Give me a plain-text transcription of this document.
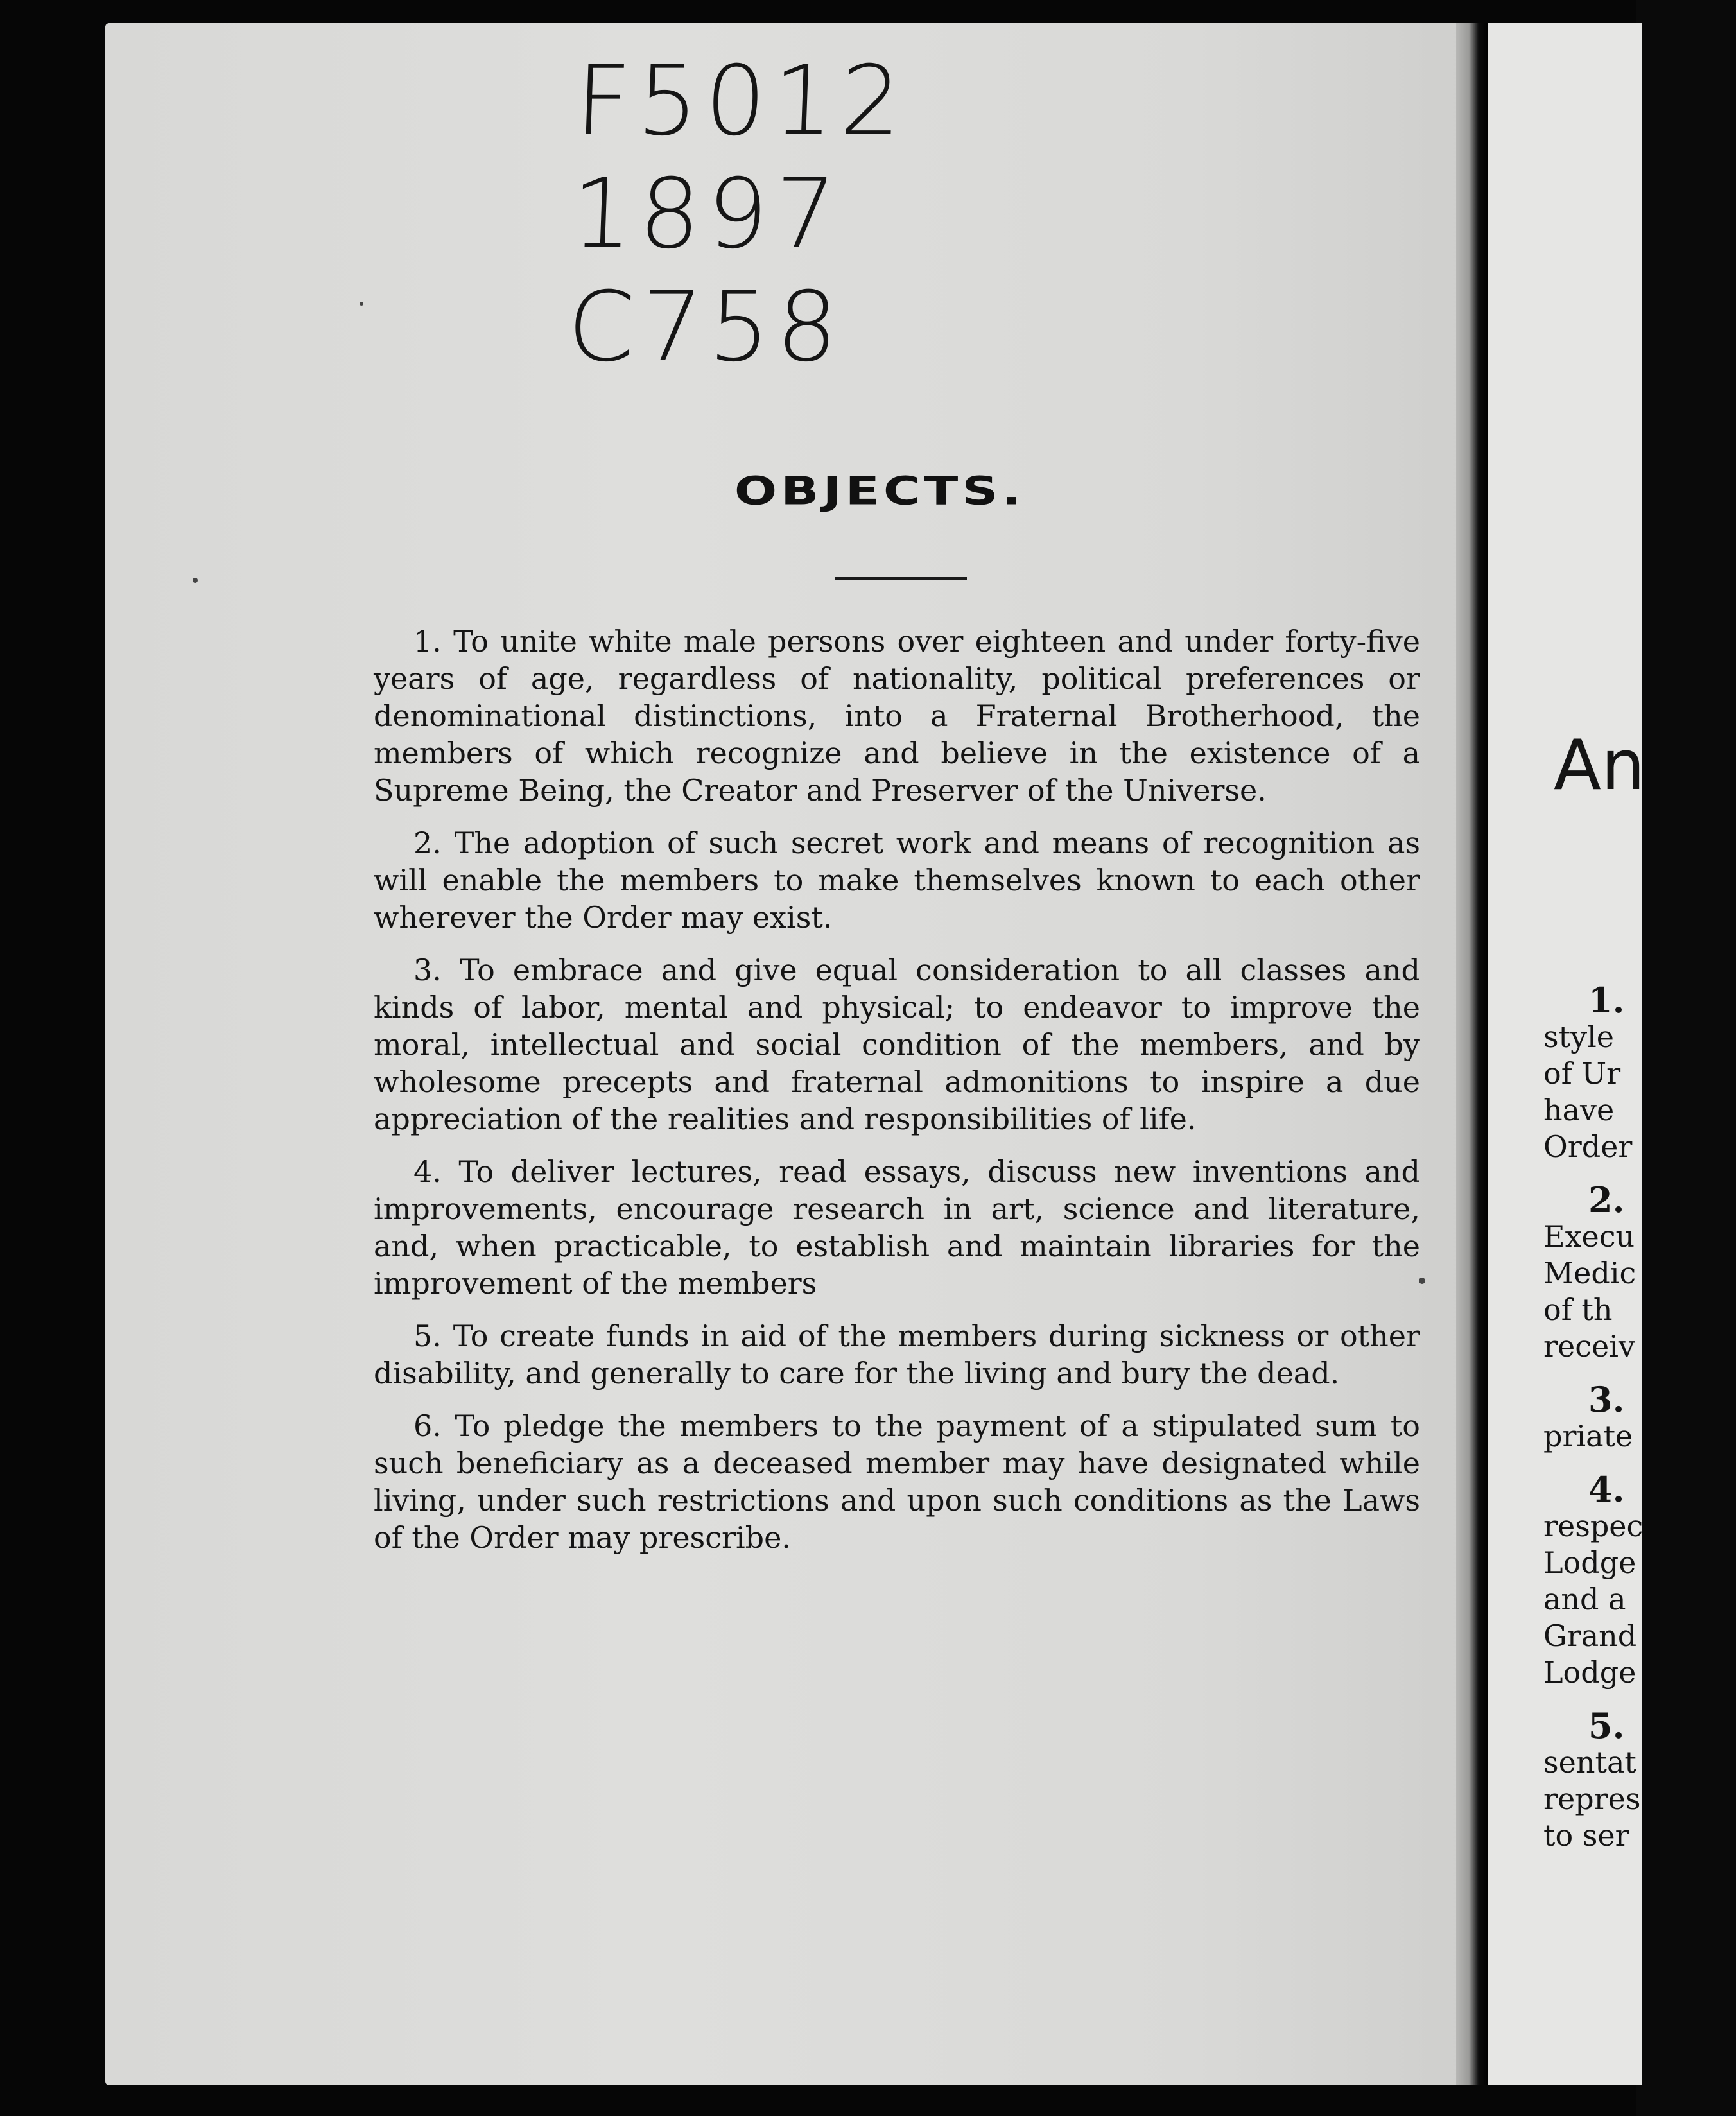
F5012
1897
C758
OBJECTS.

1. To unite white male persons over eighteen and under forty-five years of age, regardless of nationality, political preferences or denominational distinctions, into a Fraternal Brotherhood, the members of which recognize and believe in the existence of a Supreme Being, the Creator and Preserver of the Universe.

2. The adoption of such secret work and means of recognition as will enable the members to make themselves known to each other wherever the Order may exist.

3. To embrace and give equal consideration to all classes and kinds of labor, mental and physical; to endeavor to improve the moral, intellectual and social condition of the members, and by wholesome precepts and fraternal admonitions to inspire a due appreciation of the realities and responsibilities of life.

4. To deliver lectures, read essays, discuss new inventions and improvements, encourage research in art, science and literature, and, when practicable, to establish and maintain libraries for the improvement of the members

5. To create funds in aid of the members during sickness or other disability, and generally to care for the living and bury the dead.

6. To pledge the members to the payment of a stipulated sum to such beneficiary as a deceased member may have designated while living, under such restrictions and upon such conditions as the Laws of the Order may prescribe.

An
1.
style
of Ur
have
Order
2.
Execu
Medic
of th
receiv
3.
priate
4.
respec
Lodge
and a
Grand
Lodge
5.
sentat
repres
to ser
